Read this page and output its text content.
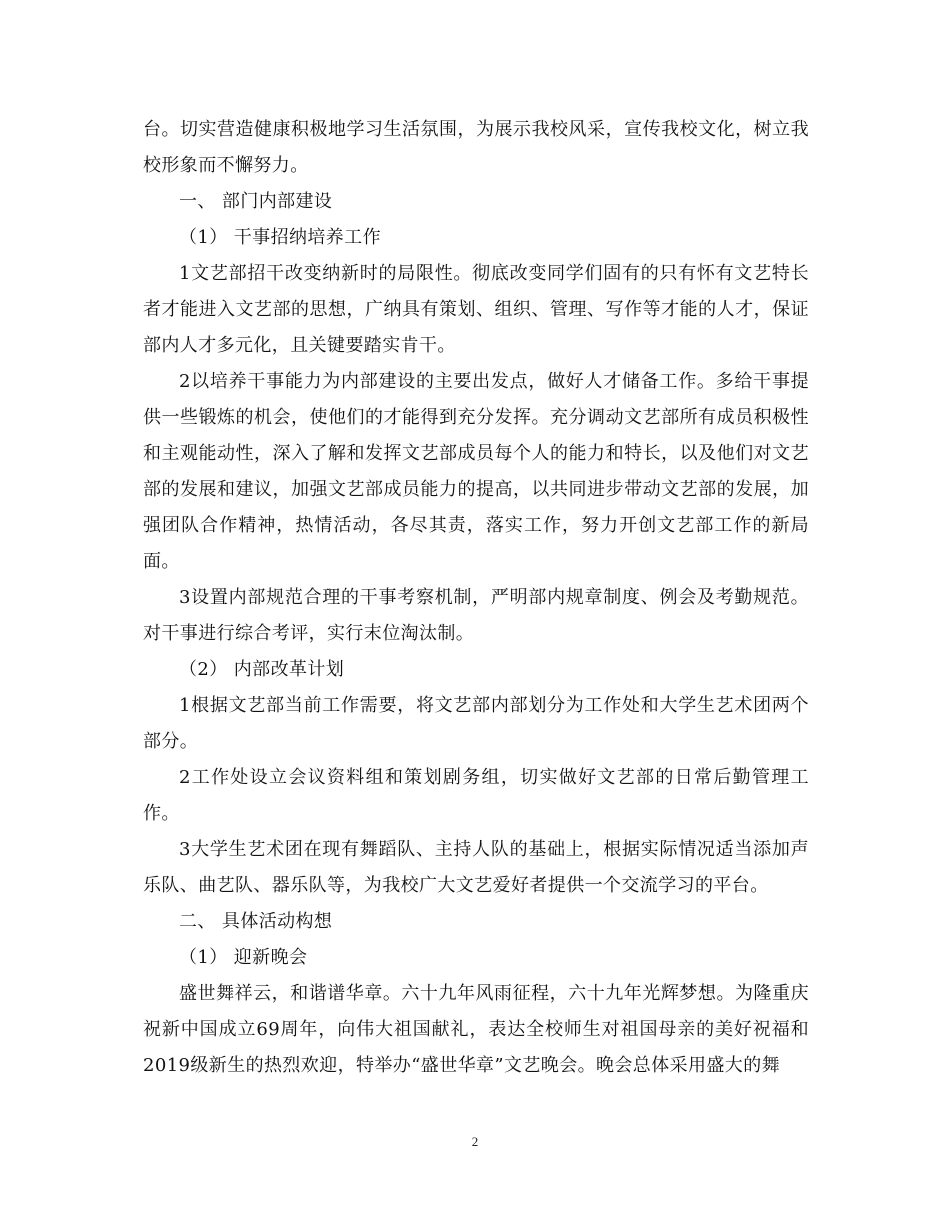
台。切实营造健康积极地学习生活氛围，为展示我校风采，宣传我校文化，树立我校形象而不懈努力。

一、 部门内部建设

（1） 干事招纳培养工作

1文艺部招干改变纳新时的局限性。彻底改变同学们固有的只有怀有文艺特长者才能进入文艺部的思想，广纳具有策划、组织、管理、写作等才能的人才，保证部内人才多元化，且关键要踏实肯干。

2以培养干事能力为内部建设的主要出发点，做好人才储备工作。多给干事提供一些锻炼的机会，使他们的才能得到充分发挥。充分调动文艺部所有成员积极性和主观能动性，深入了解和发挥文艺部成员每个人的能力和特长，以及他们对文艺部的发展和建议，加强文艺部成员能力的提高，以共同进步带动文艺部的发展，加强团队合作精神，热情活动，各尽其责，落实工作，努力开创文艺部工作的新局面。

3设置内部规范合理的干事考察机制，严明部内规章制度、例会及考勤规范。对干事进行综合考评，实行末位淘汰制。

（2） 内部改革计划

1根据文艺部当前工作需要，将文艺部内部划分为工作处和大学生艺术团两个部分。

2工作处设立会议资料组和策划剧务组，切实做好文艺部的日常后勤管理工作。

3大学生艺术团在现有舞蹈队、主持人队的基础上，根据实际情况适当添加声乐队、曲艺队、器乐队等，为我校广大文艺爱好者提供一个交流学习的平台。

二、 具体活动构想

（1） 迎新晚会

盛世舞祥云，和谐谱华章。六十九年风雨征程，六十九年光辉梦想。为隆重庆祝新中国成立69周年，向伟大祖国献礼，表达全校师生对祖国母亲的美好祝福和2019级新生的热烈欢迎，特举办“盛世华章”文艺晚会。晚会总体采用盛大的舞

2
